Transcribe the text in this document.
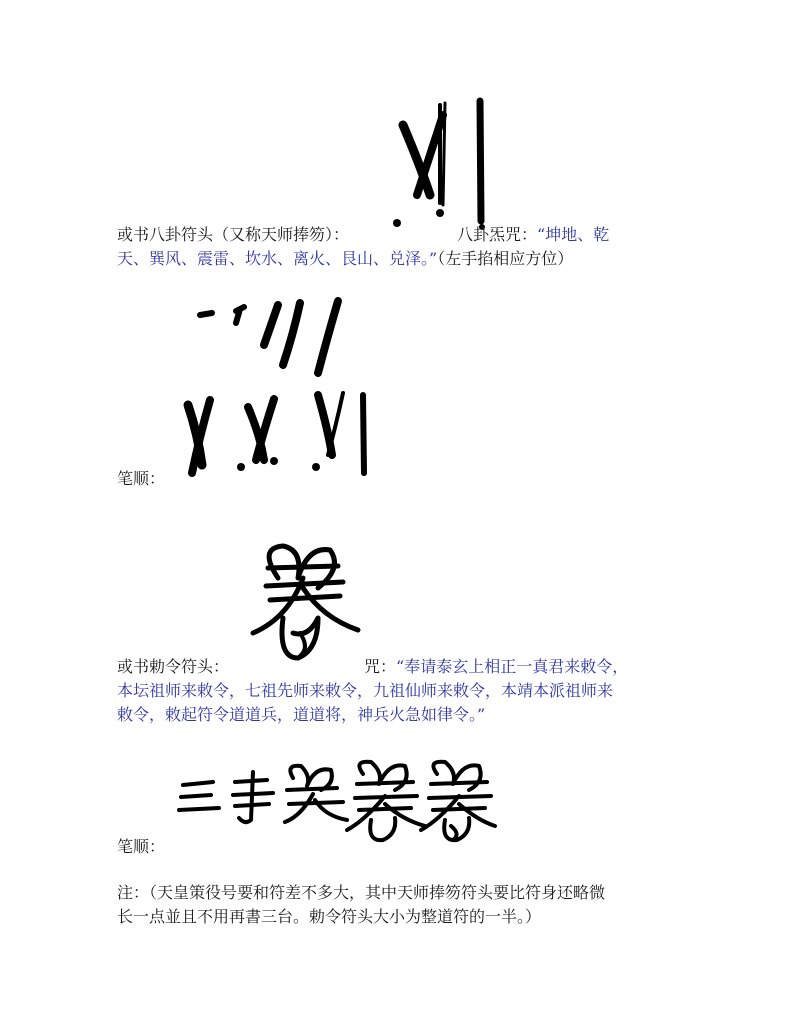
或书八卦符头（又称天师捧笏）：	八卦炁咒：“坤地、乾
天、巽风、震雷、坎水、离火、艮山、兑泽。”（左手掐相应方位）
笔顺：
或书勅令符头：	咒：“奉请泰玄上相正一真君来敕令，
本坛祖师来敕令，七祖先师来敕令，九祖仙师来敕令，本靖本派祖师来
敕令，敕起符令道道兵，道道将，神兵火急如律令。”
笔顺：
注：（天皇策役号要和符差不多大，其中天师捧笏符头要比符身还略微
长一点並且不用再書三台。勅令符头大小为整道符的一半。）
